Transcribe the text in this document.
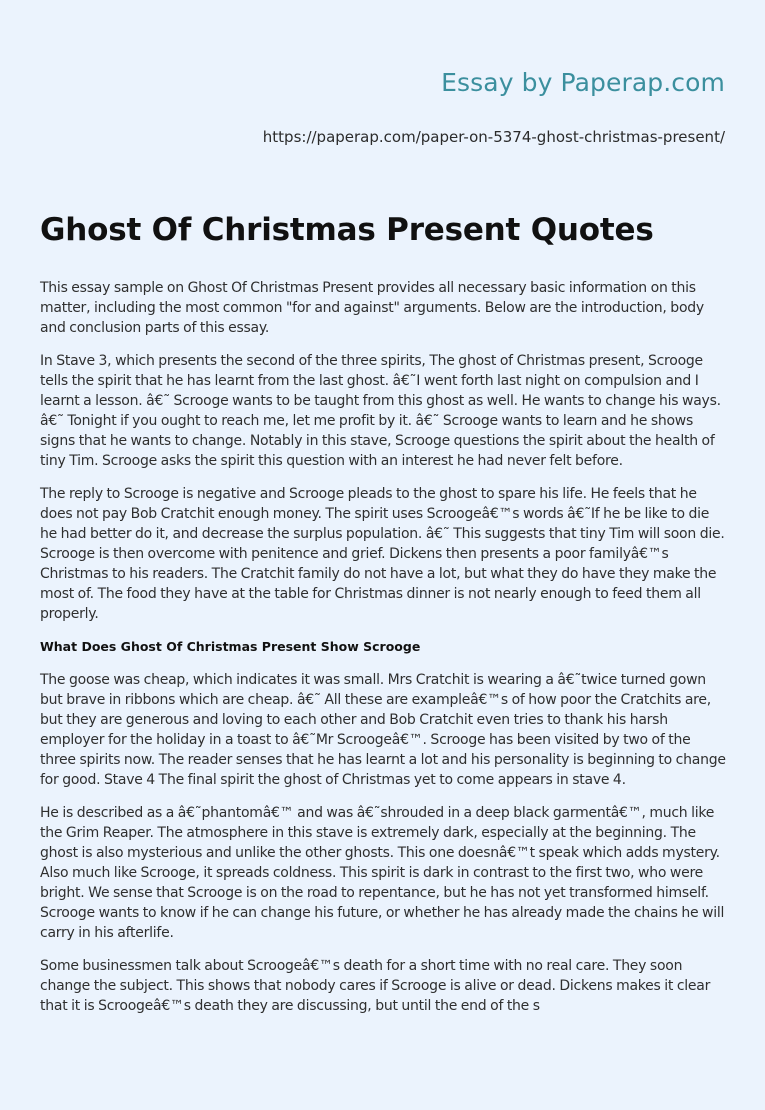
Essay by Paperap.com
https://paperap.com/paper-on-5374-ghost-christmas-present/
Ghost Of Christmas Present Quotes

This essay sample on Ghost Of Christmas Present provides all necessary basic information on this matter, including the most common "for and against" arguments. Below are the introduction, body and conclusion parts of this essay.

In Stave 3, which presents the second of the three spirits, The ghost of Christmas present, Scrooge tells the spirit that he has learnt from the last ghost. â€˜I went forth last night on compulsion and I learnt a lesson. â€˜ Scrooge wants to be taught from this ghost as well. He wants to change his ways. â€˜ Tonight if you ought to reach me, let me profit by it. â€˜ Scrooge wants to learn and he shows signs that he wants to change. Notably in this stave, Scrooge questions the spirit about the health of tiny Tim. Scrooge asks the spirit this question with an interest he had never felt before.

The reply to Scrooge is negative and Scrooge pleads to the ghost to spare his life. He feels that he does not pay Bob Cratchit enough money. The spirit uses Scroogeâ€™s words â€˜If he be like to die he had better do it, and decrease the surplus population. â€˜ This suggests that tiny Tim will soon die. Scrooge is then overcome with penitence and grief. Dickens then presents a poor familyâ€™s Christmas to his readers. The Cratchit family do not have a lot, but what they do have they make the most of. The food they have at the table for Christmas dinner is not nearly enough to feed them all properly.

What Does Ghost Of Christmas Present Show Scrooge

The goose was cheap, which indicates it was small. Mrs Cratchit is wearing a â€˜twice turned gown but brave in ribbons which are cheap. â€˜ All these are exampleâ€™s of how poor the Cratchits are, but they are generous and loving to each other and Bob Cratchit even tries to thank his harsh employer for the holiday in a toast to â€˜Mr Scroogeâ€™. Scrooge has been visited by two of the three spirits now. The reader senses that he has learnt a lot and his personality is beginning to change for good. Stave 4 The final spirit the ghost of Christmas yet to come appears in stave 4.

He is described as a â€˜phantomâ€™ and was â€˜shrouded in a deep black garmentâ€™, much like the Grim Reaper. The atmosphere in this stave is extremely dark, especially at the beginning. The ghost is also mysterious and unlike the other ghosts. This one doesnâ€™t speak which adds mystery. Also much like Scrooge, it spreads coldness. This spirit is dark in contrast to the first two, who were bright. We sense that Scrooge is on the road to repentance, but he has not yet transformed himself. Scrooge wants to know if he can change his future, or whether he has already made the chains he will carry in his afterlife.

Some businessmen talk about Scroogeâ€™s death for a short time with no real care. They soon change the subject. This shows that nobody cares if Scrooge is alive or dead. Dickens makes it clear that it is Scroogeâ€™s death they are discussing, but until the end of the s
